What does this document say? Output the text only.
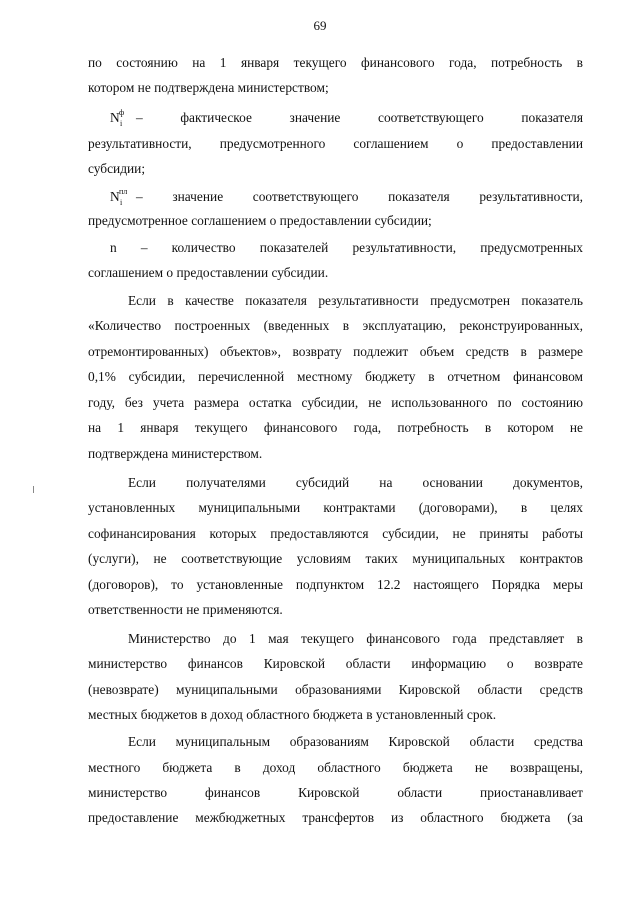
69
по состоянию на 1 января текущего финансового года, потребность в
котором не подтверждена министерством;
N ф
i – фактическое значение соответствующего показателя
результативности, предусмотренного соглашением о предоставлении
субсидии;
N пл
i – значение соответствующего показателя результативности,
предусмотренное соглашением о предоставлении субсидии;
n – количество показателей результативности, предусмотренных
соглашением о предоставлении субсидии.
Если в качестве показателя результативности предусмотрен показатель
«Количество построенных (введенных в эксплуатацию, реконструированных,
отремонтированных) объектов», возврату подлежит объем средств в размере
0,1% субсидии, перечисленной местному бюджету в отчетном финансовом
году, без учета размера остатка субсидии, не использованного по состоянию
на 1 января текущего финансового года, потребность в котором не
подтверждена министерством.
Если получателями субсидий на основании документов,
установленных муниципальными контрактами (договорами), в целях
софинансирования которых предоставляются субсидии, не приняты работы
(услуги), не соответствующие условиям таких муниципальных контрактов
(договоров), то установленные подпунктом 12.2 настоящего Порядка меры
ответственности не применяются.
Министерство до 1 мая текущего финансового года представляет в
министерство финансов Кировской области информацию о возврате
(невозврате) муниципальными образованиями Кировской области средств
местных бюджетов в доход областного бюджета в установленный срок.
Если муниципальным образованиям Кировской области средства
местного бюджета в доход областного бюджета не возвращены,
министерство финансов Кировской области приостанавливает
предоставление межбюджетных трансфертов из областного бюджета (за
